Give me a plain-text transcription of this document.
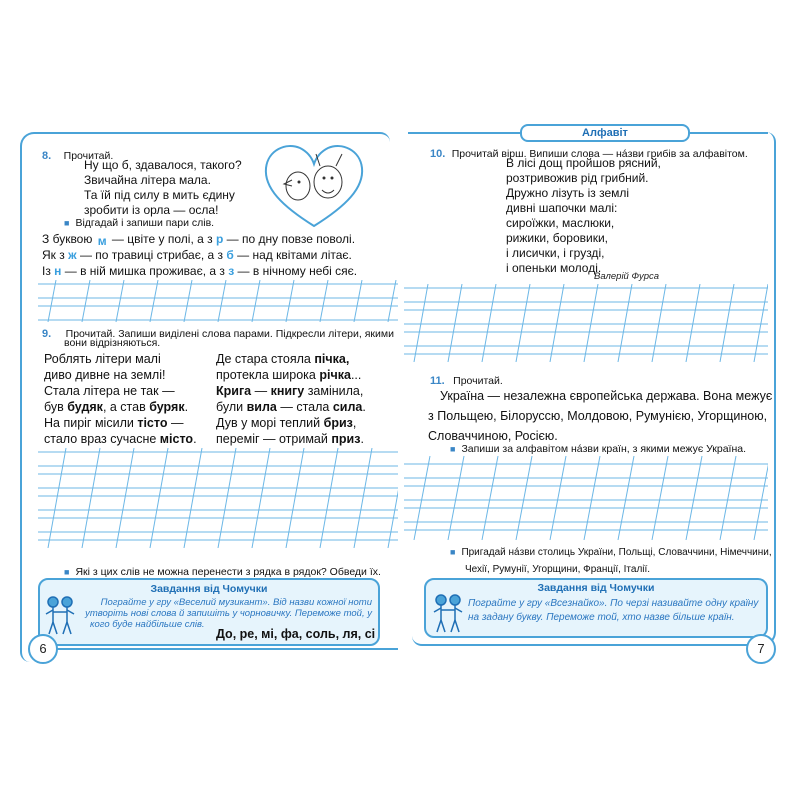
8. Прочитай.
Ну що б, здавалося, такого?
Звичайна літера мала.
Та їй під силу в мить єдину
зробити із орла — осла!
■ Відгадай і запиши пари слів.
З буквою м — цвіте у полі, а з р — по дну повзе поволі.
Як з ж — по травиці стрибає, а з б — над квітами літає.
Із н — в ній мишка проживає, а з з — в нічному небі сяє.
9. Прочитай. Запиши виділені слова парами. Підкресли літери, якими
вони відрізняються.
Роблять літери малі
диво дивне на землі!
Стала літера не так —
був будяк, а став буряк.
На пиріг місили тісто —
стало враз сучасне місто.
Де стара стояла пічка,
протекла широка річка...
Крига — книгу замінила,
були вила — стала сила.
Дув у морі теплий бриз,
переміг — отримай приз.
■ Які з цих слів не можна перенести з рядка в рядок? Обведи їх.
Завдання від Чомучки
Пограйте у гру «Веселий музикант». Від назви кожної ноти
утворіть нові слова й запишіть у чорновичку. Переможе той, у
кого буде найбільше слів.
До, ре, мі, фа, соль, ля, сі
6
Алфавіт
10. Прочитай вірш. Випиши слова — нáзви грибів за алфавітом.
В лісі дощ пройшов рясний,
розтривожив рід грибний.
Дружно лізуть із землі
дивні шапочки малі:
сироїжки, маслюки,
рижики, боровики,
і лисички, і грузді,
і опеньки молоді.
Валерій Фурса
11. Прочитай.
Україна — незалежна європейська держава. Вона межує
з Польщею, Білоруссю, Молдовою, Румунією, Угорщиною,
Словаччиною, Росією.
■ Запиши за алфавітом нáзви країн, з якими межує Україна.
■ Пригадай нáзви столиць України, Польщі, Словаччини, Німеччини,
Чехії, Румунії, Угорщини, Франції, Італії.
Завдання від Чомучки
Пограйте у гру «Всезнайко». По черзі називайте одну країну
на задану букву. Переможе той, хто назве більше країн.
7
